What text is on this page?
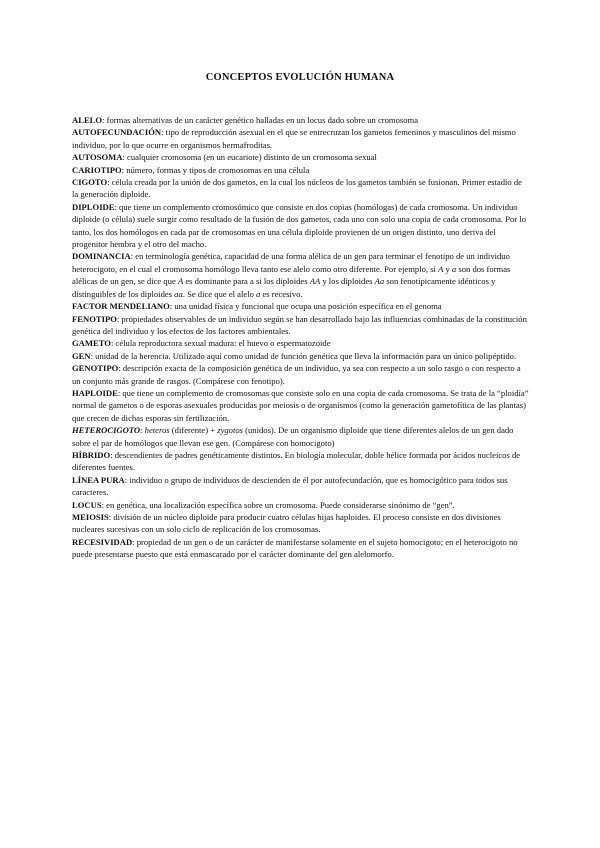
CONCEPTOS EVOLUCIÓN HUMANA

ALELO: formas alternativas de un carácter genético halladas en un locus dado sobre un cromosoma

AUTOFECUNDACIÓN: tipo de reproducción asexual en el que se entrecruzan los gametos femeninos y masculinos del mismo individuo, por lo que ocurre en organismos hermafroditas.

AUTOSOMA: cualquier cromosoma (en un eucariote) distinto de un cromosoma sexual

CARIOTIPO: número, formas y tipos de cromosomas en una célula

CIGOTO: célula creada por la unión de dos gametos, en la cual los núcleos de los gametos también se fusionan. Primer estadío de la generación diploide.

DIPLOIDE: que tiene un complemento cromosómico que consiste en dos copias (homólogas) de cada cromosoma. Un individuo diploide (o célula) suele surgir como resultado de la fusión de dos gametos, cada uno con solo una copia de cada cromosoma. Por lo tanto, los dos homólogos en cada par de cromosomas en una célula diploide provienen de un origen distinto, uno deriva del progenitor hembra y el otro del macho.

DOMINANCIA: en terminología genética, capacidad de una forma alélica de un gen para terminar el fenotipo de un individuo heterocigoto, en el cual el cromosoma homólogo lleva tanto ese alelo como otro diferente. Por ejemplo, si A y a son dos formas alélicas de un gen, se dice que A es dominante para a si los diploides AA y los diploides Aa son fenotípicamente idénticos y distinguibles de los diploides aa. Se dice que el alelo a es recesivo.

FACTOR MENDELIANO: una unidad física y funcional que ocupa una posición específica en el genoma

FENOTIPO: propiedades observables de un individuo según se han desarrollado bajo las influencias combinadas de la constitución genética del individuo y los efectos de los factores ambientales.

GAMETO: célula reproductora sexual madura: el huevo o espermatozoide

GEN: unidad de la herencia. Utilizado aquí como unidad de función genética que lleva la información para un único polipéptido.

GENOTIPO: descripción exacta de la composición genética de un individuo, ya sea con respecto a un solo rasgo o con respecto a un conjunto más grande de rasgos. (Compárese con fenotipo).

HAPLOIDE: que tiene un complemento de cromosomas que consiste solo en una copia de cada cromosoma. Se trata de la “ploidía” normal de gametos o de esporas asexuales producidas por meiosis o de organismos (como la generación gametofítica de las plantas) que crecen de dichas esporas sin fertilización.

HETEROCIGOTO: heteros (diferente) + zygotos (unidos). De un organismo diploide que tiene diferentes alelos de un gen dado sobre el par de homólogos que llevan ese gen. (Compárese con homocigoto)

HÍBRIDO: descendientes de padres genéticamente distintos. En biología molecular, doble hélice formada por ácidos nucleicos de diferentes fuentes.

LÍNEA PURA: individuo o grupo de individuos de descienden de él por autofecundación, que es homocigótico para todos sus caracteres.

LOCUS: en genética, una localización específica sobre un cromosoma. Puede considerarse sinónimo de “gen”.

MEIOSIS: división de un núcleo diploide para producir cuatro células hijas haploides. El proceso consiste en dos divisiones nucleares sucesivas con un solo ciclo de replicación de los cromosomas.

RECESIVIDAD: propiedad de un gen o de un carácter de manifestarse solamente en el sujeto homocigoto; en el heterocigoto no puede presentarse puesto que está enmascarado por el carácter dominante del gen alelomorfo.
